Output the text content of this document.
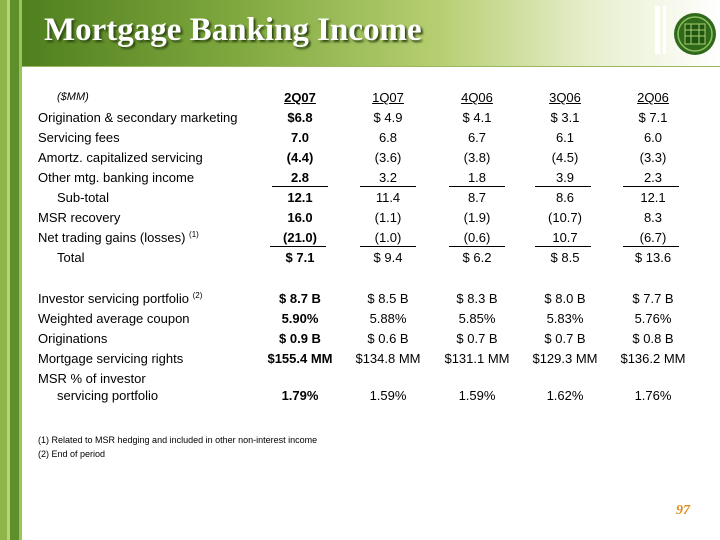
Mortgage Banking Income
($MM)	2Q07	1Q07	4Q06	3Q06	2Q06
Origination & secondary marketing	$6.8	$ 4.9	$ 4.1	$ 3.1	$ 7.1
Servicing fees	7.0	6.8	6.7	6.1	6.0
Amortz. capitalized servicing	(4.4)	(3.6)	(3.8)	(4.5)	(3.3)
Other mtg. banking income	2.8	3.2	1.8	3.9	2.3
Sub-total	12.1	11.4	8.7	8.6	12.1
MSR recovery	16.0	(1.1)	(1.9)	(10.7)	8.3
Net trading gains (losses) $^{(1)}$	(21.0)	(1.0)	(0.6)	10.7	(6.7)
Total	$ 7.1	$ 9.4	$ 6.2	$ 8.5	$ 13.6
Investor servicing portfolio $^{(2)}$	$ 8.7 B	$ 8.5 B	$ 8.3 B	$ 8.0 B	$ 7.7 B
Weighted average coupon	5.90%	5.88%	5.85%	5.83%	5.76%
Originations	$ 0.9 B	$ 0.6 B	$ 0.7 B	$ 0.7 B	$ 0.8 B
Mortgage servicing rights	$155.4 MM	$134.8 MM	$131.1 MM	$129.3 MM	$136.2 MM
MSR % of investor
servicing portfolio	1.79%	1.59%	1.59%	1.62%	1.76%
(1) Related to MSR hedging and included in other non-interest income
(2) End of period
97
